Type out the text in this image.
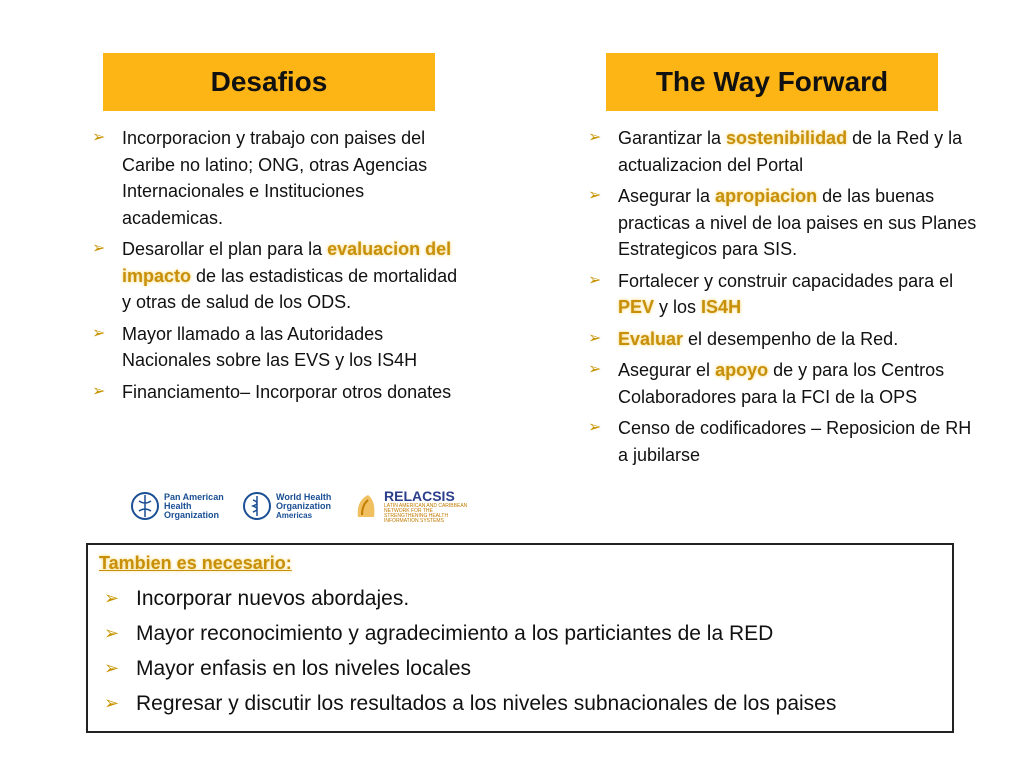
Desafios	The Way Forward
➢ Incorporacion y trabajo con paises del Caribe no latino; ONG, otras Agencias Internacionales e Instituciones academicas.
➢ Desarollar el plan para la evaluacion del impacto de las estadisticas de mortalidad y otras de salud de los ODS.
➢ Mayor llamado a las Autoridades Nacionales sobre las EVS y los IS4H
➢ Financiamento– Incorporar otros donates
➢ Garantizar la sostenibilidad de la Red y la actualizacion del Portal
➢ Asegurar la apropiacion de las buenas practicas a nivel de loa paises en sus Planes Estrategicos para SIS.
➢ Fortalecer y construir capacidades para el PEV y los IS4H
➢ Evaluar el desempenho de la Red.
➢ Asegurar el apoyo de y para los Centros Colaboradores para la FCI de la OPS
➢ Censo de codificadores – Reposicion de RH a jubilarse
Pan American Health Organization
World Health Organization
Americas
RELACSIS
LATIN AMERICAN AND CARIBBEAN NETWORK FOR THE STRENGTHENING HEALTH INFORMATION SYSTEMS
Tambien es necesario:
➢ Incorporar nuevos abordajes.
➢ Mayor reconocimiento y agradecimiento a los particiantes de la RED
➢ Mayor enfasis en los niveles locales
➢ Regresar y discutir los resultados a los niveles subnacionales de los paises
